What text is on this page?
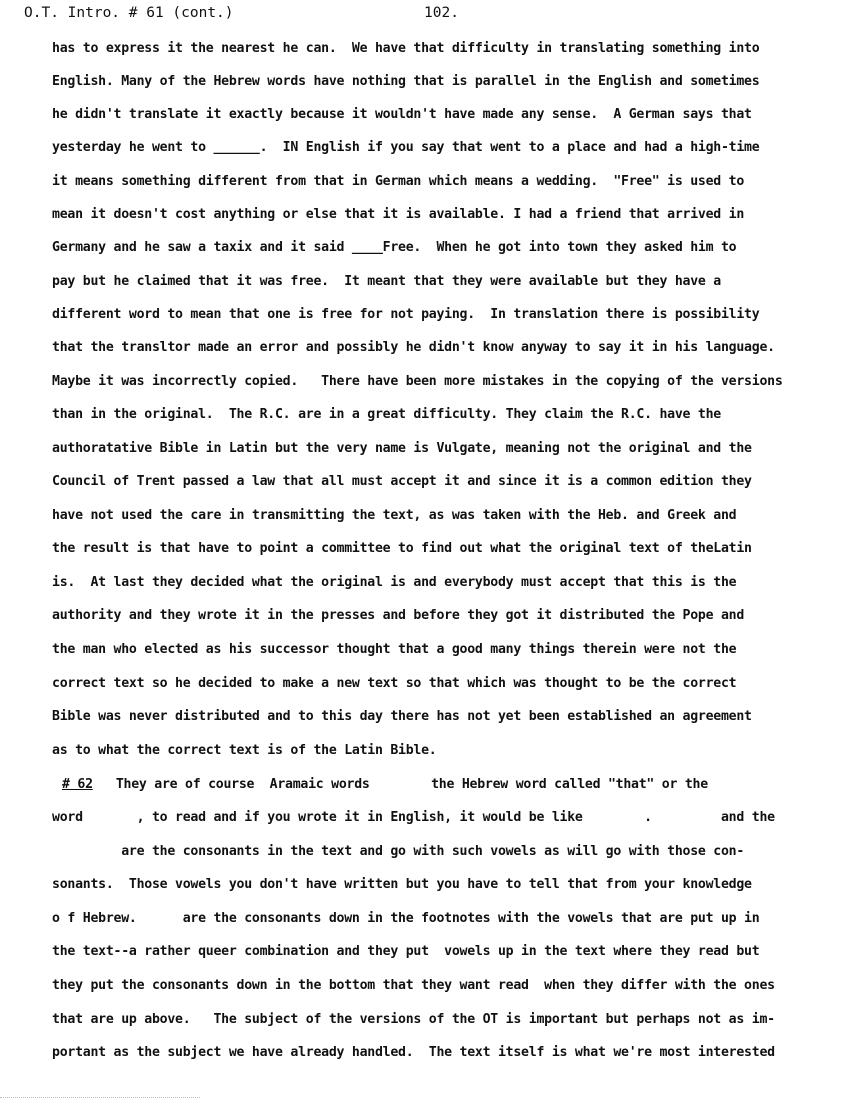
O.T. Intro. # 61 (cont.)	102.
has to express it the nearest he can.  We have that difficulty in translating something into
English. Many of the Hebrew words have nothing that is parallel in the English and sometimes
he didn't translate it exactly because it wouldn't have made any sense.  A German says that
yesterday he went to ______.  IN English if you say that went to a place and had a high-time
it means something different from that in German which means a wedding.  "Free" is used to
mean it doesn't cost anything or else that it is available. I had a friend that arrived in
Germany and he saw a taxix and it said ____Free.  When he got into town they asked him to
pay but he claimed that it was free.  It meant that they were available but they have a
different word to mean that one is free for not paying.  In translation there is possibility
that the transltor made an error and possibly he didn't know anyway to say it in his language.
Maybe it was incorrectly copied.   There have been more mistakes in the copying of the versions
than in the original.  The R.C. are in a great difficulty. They claim the R.C. have the
authoratative Bible in Latin but the very name is Vulgate, meaning not the original and the
Council of Trent passed a law that all must accept it and since it is a common edition they
have not used the care in transmitting the text, as was taken with the Heb. and Greek and
the result is that have to point a committee to find out what the original text of theLatin
is.  At last they decided what the original is and everybody must accept that this is the
authority and they wrote it in the presses and before they got it distributed the Pope and
the man who elected as his successor thought that a good many things therein were not the
correct text so he decided to make a new text so that which was thought to be the correct
Bible was never distributed and to this day there has not yet been established an agreement
as to what the correct text is of the Latin Bible.
# 62   They are of course  Aramaic words        the Hebrew word called "that" or the
word       , to read and if you wrote it in English, it would be like        .         and the
are the consonants in the text and go with such vowels as will go with those con-
sonants.  Those vowels you don't have written but you have to tell that from your knowledge
o f Hebrew.      are the consonants down in the footnotes with the vowels that are put up in
the text--a rather queer combination and they put  vowels up in the text where they read but
they put the consonants down in the bottom that they want read  when they differ with the ones
that are up above.   The subject of the versions of the OT is important but perhaps not as im-
portant as the subject we have already handled.  The text itself is what we're most interested
